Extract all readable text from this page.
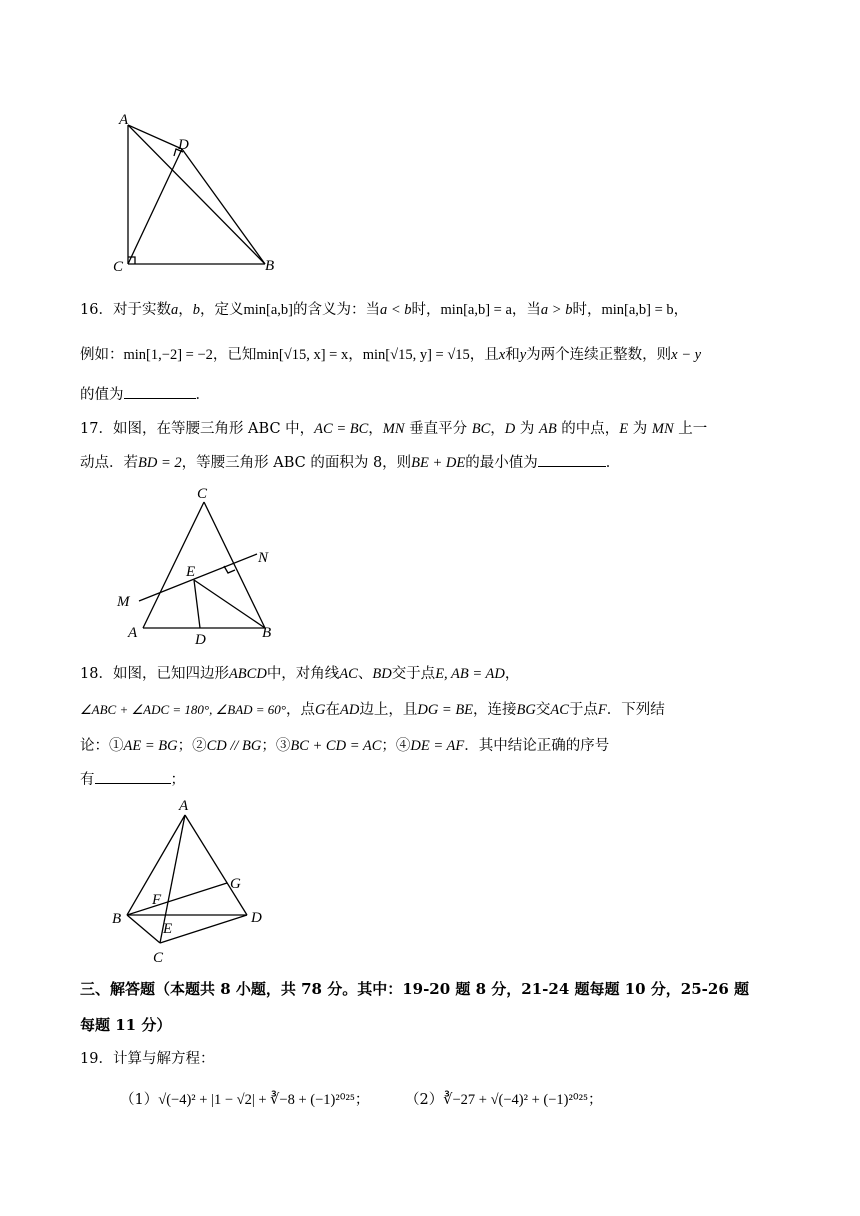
A
D
C	B
16．对于实数a，b，定义min[a,b]的含义为：当a < b时，min[a,b] = a，当a > b时，min[a,b] = b，
例如：min[1,−2] = −2，已知min[√15, x] = x，min[√15, y] = √15，且x和y为两个连续正整数，则x − y
的值为	．
17．如图，在等腰三角形 ABC 中，AC = BC，MN 垂直平分 BC，D 为 AB 的中点，E 为 MN 上一
动点．若BD = 2，等腰三角形 ABC 的面积为 8，则BE + DE的最小值为	．
C
N
E
M
A	D	B
18．如图，已知四边形ABCD中，对角线AC、BD交于点E, AB = AD，
∠ABC + ∠ADC = 180°, ∠BAD = 60°，点G在AD边上，且DG = BE，连接BG交AC于点F．下列结
论：①AE = BG；②CD // BG；③BC + CD = AC；④DE = AF．其中结论正确的序号
有	；
A
G
F
B	D
E
C
三、解答题（本题共 8 小题，共 78 分。其中：19-20 题 8 分，21-24 题每题 10 分，25-26 题
每题 11 分）
19．计算与解方程：
（1）√(−4)² + |1 − √2| + ∛−8 + (−1)²⁰²⁵； （2）∛−27 + √(−4)² + (−1)²⁰²⁵；
